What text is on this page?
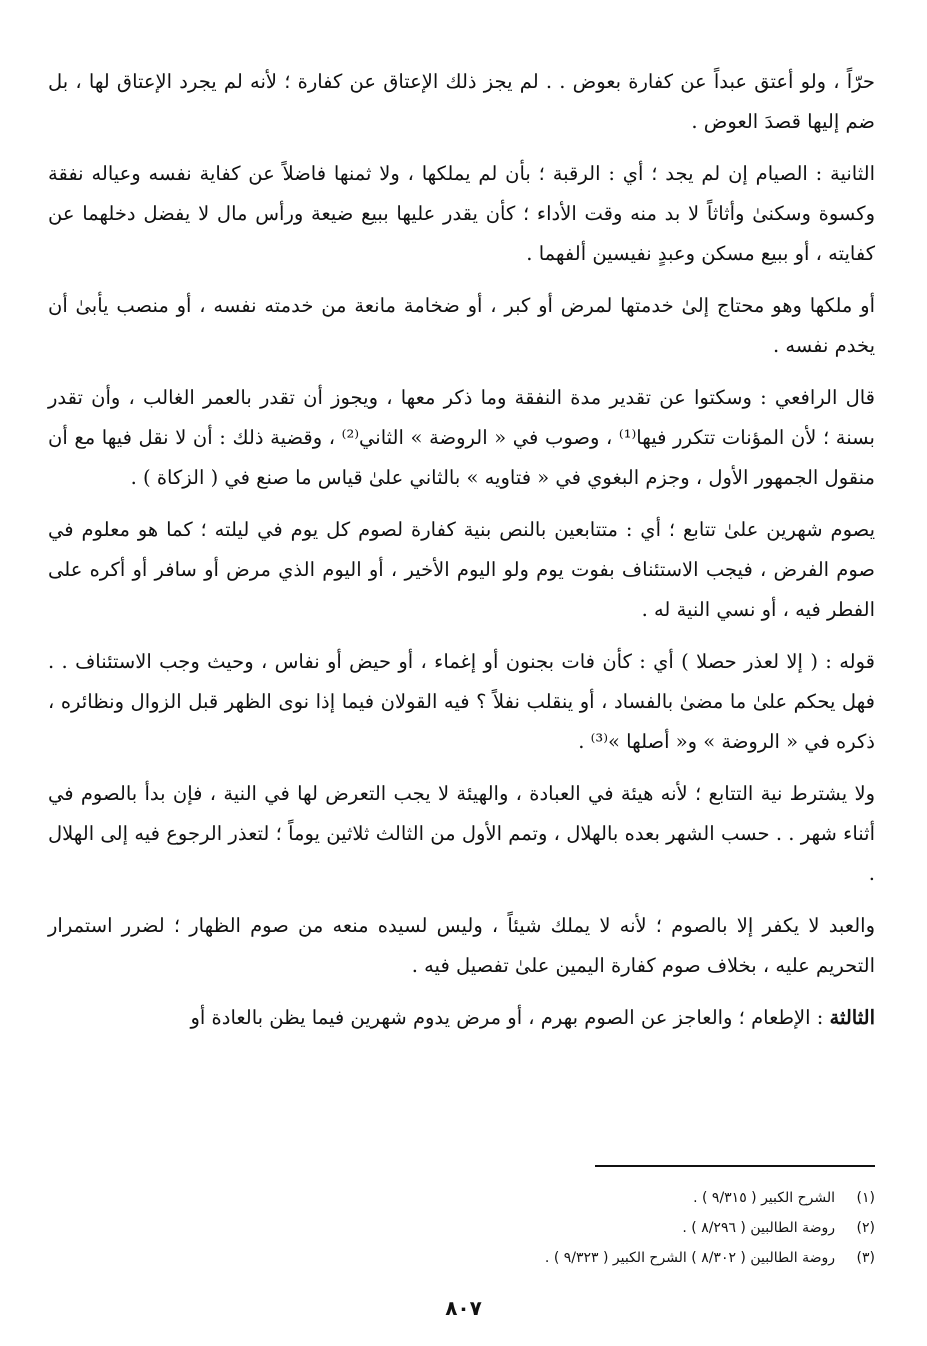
حرّاً ، ولو أعتق عبداً عن كفارة بعوض . . لم يجز ذلك الإعتاق عن كفارة ؛ لأنه لم يجرد الإعتاق لها ، بل ضم إليها قصدَ العوض .

الثانية : الصيام إن لم يجد ؛ أي : الرقبة ؛ بأن لم يملكها ، ولا ثمنها فاضلاً عن كفاية نفسه وعياله نفقة وكسوة وسكنىٰ وأثاثاً لا بد منه وقت الأداء ؛ كأن يقدر عليها ببيع ضيعة ورأس مال لا يفضل دخلهما عن كفايته ، أو ببيع مسكن وعبدٍ نفيسين ألفهما .

أو ملكها وهو محتاج إلىٰ خدمتها لمرض أو كبر ، أو ضخامة مانعة من خدمته نفسه ، أو منصب يأبىٰ أن يخدم نفسه .

قال الرافعي : وسكتوا عن تقدير مدة النفقة وما ذكر معها ، ويجوز أن تقدر بالعمر الغالب ، وأن تقدر بسنة ؛ لأن المؤنات تتكرر فيها⁽¹⁾ ، وصوب في « الروضة » الثاني⁽²⁾ ، وقضية ذلك : أن لا نقل فيها مع أن منقول الجمهور الأول ، وجزم البغوي في « فتاويه » بالثاني علىٰ قياس ما صنع في ( الزكاة ) .

يصوم شهرين علىٰ تتابع ؛ أي : متتابعين بالنص بنية كفارة لصوم كل يوم في ليلته ؛ كما هو معلوم في صوم الفرض ، فيجب الاستئناف بفوت يوم ولو اليوم الأخير ، أو اليوم الذي مرض أو سافر أو أكره على الفطر فيه ، أو نسي النية له .

قوله : ( إلا لعذر حصلا ) أي : كأن فات بجنون أو إغماء ، أو حيض أو نفاس ، وحيث وجب الاستئناف . . فهل يحكم علىٰ ما مضىٰ بالفساد ، أو ينقلب نفلاً ؟ فيه القولان فيما إذا نوى الظهر قبل الزوال ونظائره ، ذكره في « الروضة » و« أصلها »⁽³⁾ .

ولا يشترط نية التتابع ؛ لأنه هيئة في العبادة ، والهيئة لا يجب التعرض لها في النية ، فإن بدأ بالصوم في أثناء شهر . . حسب الشهر بعده بالهلال ، وتمم الأول من الثالث ثلاثين يوماً ؛ لتعذر الرجوع فيه إلى الهلال .

والعبد لا يكفر إلا بالصوم ؛ لأنه لا يملك شيئاً ، وليس لسيده منعه من صوم الظهار ؛ لضرر استمرار التحريم عليه ، بخلاف صوم كفارة اليمين علىٰ تفصيل فيه .

الثالثة : الإطعام ؛ والعاجز عن الصوم بهرم ، أو مرض يدوم شهرين فيما يظن بالعادة أو

(١)الشرح الكبير ( ٩/٣١٥ ) .
(٢)روضة الطالبين ( ٨/٢٩٦ ) .
(٣)روضة الطالبين ( ٨/٣٠٢ ) الشرح الكبير ( ٩/٣٢٣ ) .
٨٠٧
